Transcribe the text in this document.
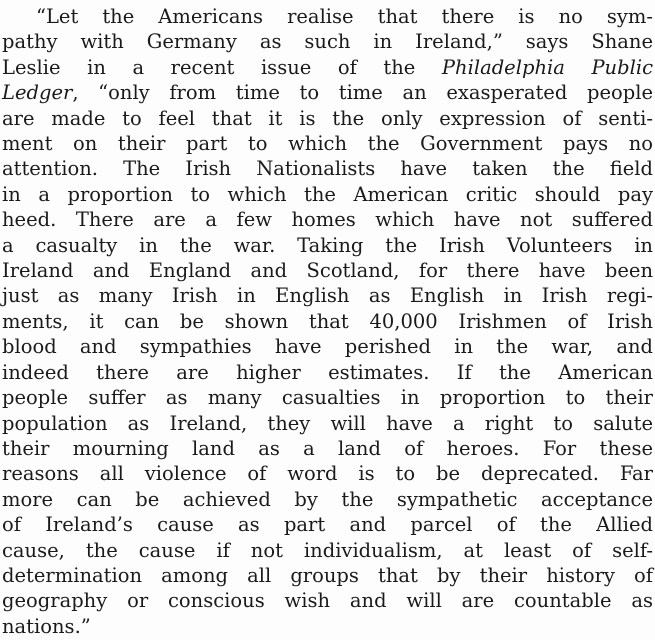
“Let the Americans realise that there is no sym-
pathy with Germany as such in Ireland,” says Shane
Leslie in a recent issue of the Philadelphia Public
Ledger, “only from time to time an exasperated people
are made to feel that it is the only expression of senti-
ment on their part to which the Government pays no
attention. The Irish Nationalists have taken the field
in a proportion to which the American critic should pay
heed. There are a few homes which have not suffered
a casualty in the war. Taking the Irish Volunteers in
Ireland and England and Scotland, for there have been
just as many Irish in English as English in Irish regi-
ments, it can be shown that 40,000 Irishmen of Irish
blood and sympathies have perished in the war, and
indeed there are higher estimates. If the American
people suffer as many casualties in proportion to their
population as Ireland, they will have a right to salute
their mourning land as a land of heroes. For these
reasons all violence of word is to be deprecated. Far
more can be achieved by the sympathetic acceptance
of Ireland’s cause as part and parcel of the Allied
cause, the cause if not individualism, at least of self-
determination among all groups that by their history of
geography or conscious wish and will are countable as
nations.”
